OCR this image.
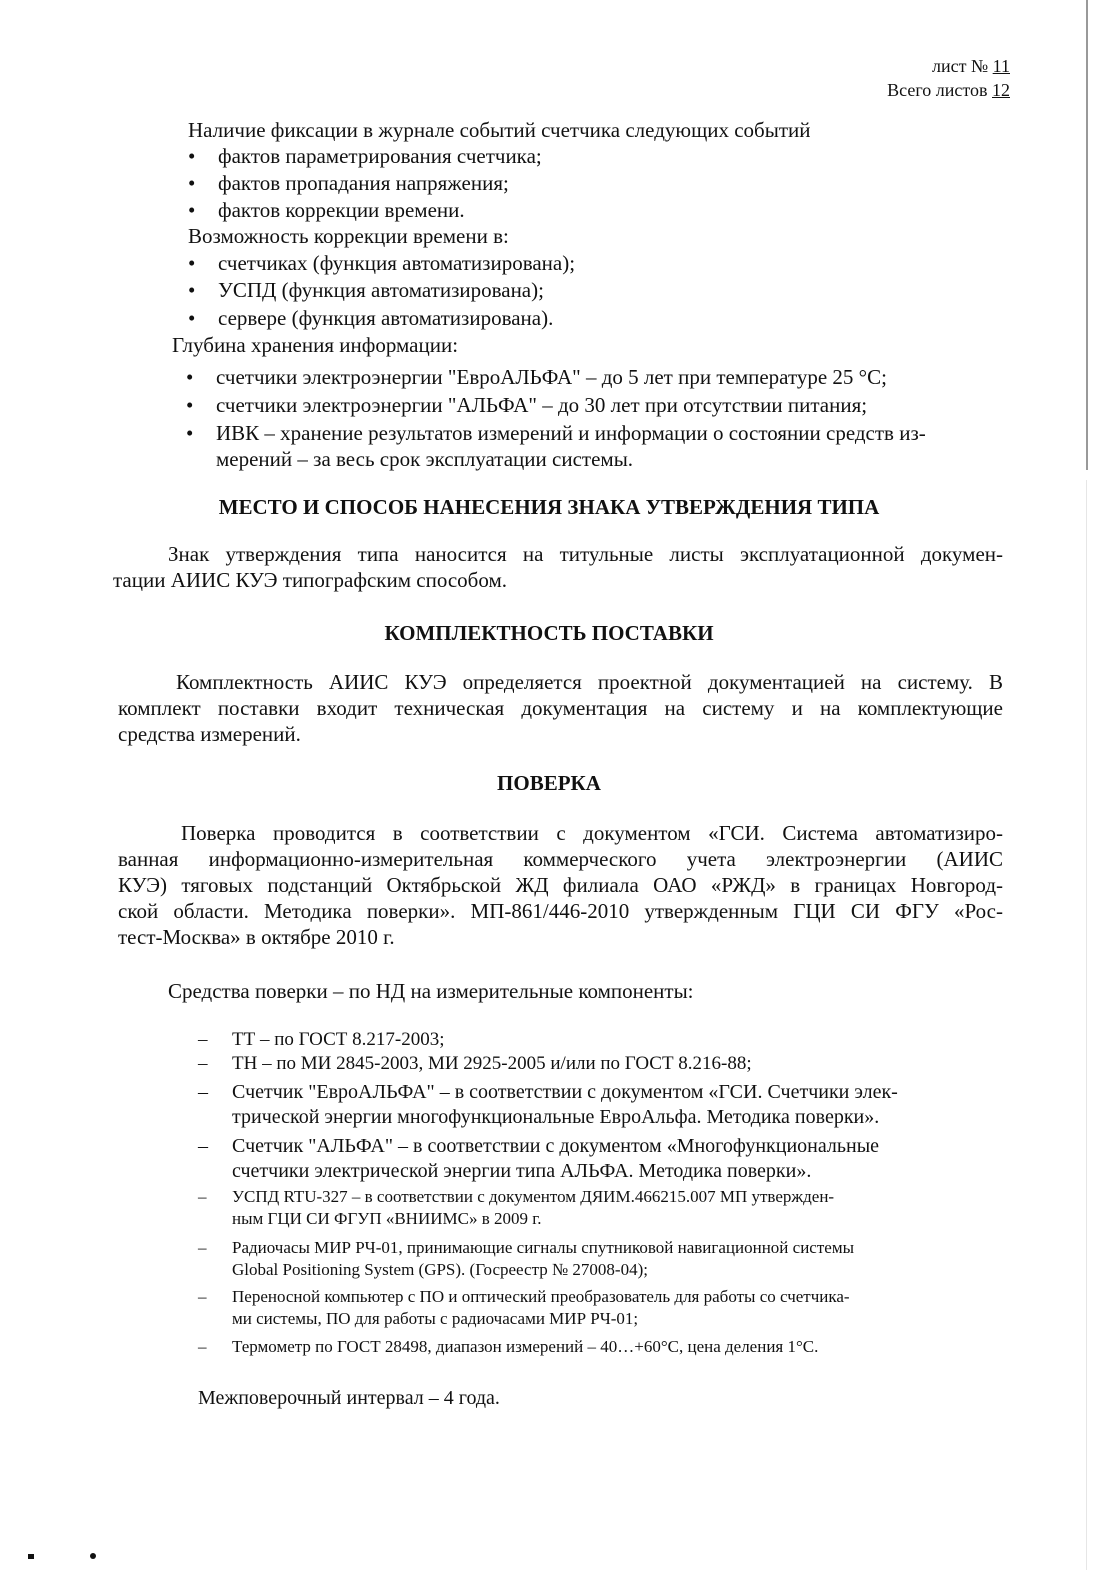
лист № 11
Всего листов 12
Наличие фиксации в журнале событий счетчика следующих событий
• фактов параметрирования счетчика;
• фактов пропадания напряжения;
• фактов коррекции времени.
Возможность коррекции времени в:
• счетчиках (функция автоматизирована);
• УСПД (функция автоматизирована);
• сервере (функция автоматизирована).
Глубина хранения информации:
• счетчики электроэнергии "ЕвроАЛЬФА" – до 5 лет при температуре 25 °С;
• счетчики электроэнергии "АЛЬФА" – до 30 лет при отсутствии питания;
• ИВК – хранение результатов измерений и информации о состоянии средств из-
мерений – за весь срок эксплуатации системы.
МЕСТО И СПОСОБ НАНЕСЕНИЯ ЗНАКА УТВЕРЖДЕНИЯ ТИПА
Знак утверждения типа наносится на титульные листы эксплуатационной докумен-
тации АИИС КУЭ типографским способом.
КОМПЛЕКТНОСТЬ ПОСТАВКИ
Комплектность АИИС КУЭ определяется проектной документацией на систему. В
комплект поставки входит техническая документация на систему и на комплектующие
средства измерений.
ПОВЕРКА
Поверка проводится в соответствии с документом «ГСИ. Система автоматизиро-
ванная информационно-измерительная коммерческого учета электроэнергии (АИИС
КУЭ) тяговых подстанций Октябрьской ЖД филиала ОАО «РЖД» в границах Новгород-
ской области. Методика поверки». МП-861/446-2010 утвержденным ГЦИ СИ ФГУ «Рос-
тест-Москва» в октябре 2010 г.
Средства поверки – по НД на измерительные компоненты:
– ТТ – по ГОСТ 8.217-2003;
– ТН – по МИ 2845-2003, МИ 2925-2005 и/или по ГОСТ 8.216-88;
– Счетчик "ЕвроАЛЬФА" – в соответствии с документом «ГСИ. Счетчики элек-
трической энергии многофункциональные ЕвроАльфа. Методика поверки».
– Счетчик "АЛЬФА" – в соответствии с документом «Многофункциональные
счетчики электрической энергии типа АЛЬФА. Методика поверки».
– УСПД RTU-327 – в соответствии с документом ДЯИМ.466215.007 МП утвержден-
ным ГЦИ СИ ФГУП «ВНИИМС» в 2009 г.
– Радиочасы МИР РЧ-01, принимающие сигналы спутниковой навигационной системы
Global Positioning System (GPS). (Госреестр № 27008-04);
– Переносной компьютер с ПО и оптический преобразователь для работы со счетчика-
ми системы, ПО для работы с радиочасами МИР РЧ-01;
– Термометр по ГОСТ 28498, диапазон измерений – 40…+60°С, цена деления 1°С.
Межповерочный интервал – 4 года.
